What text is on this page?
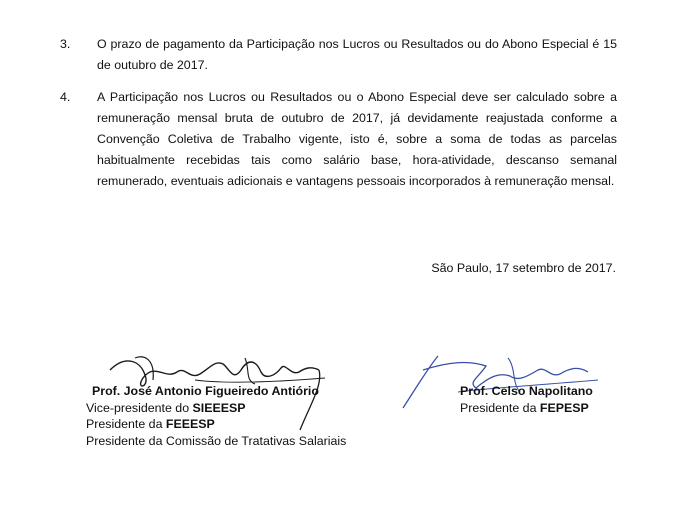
3.	O prazo de pagamento da Participação nos Lucros ou Resultados ou do Abono Especial é 15 de outubro de 2017.

4.	A Participação nos Lucros ou Resultados ou o Abono Especial deve ser calculado sobre a remuneração mensal bruta de outubro de 2017, já devidamente reajustada conforme a Convenção Coletiva de Trabalho vigente, isto é, sobre a soma de todas as parcelas habitualmente recebidas tais como salário base, hora-atividade, descanso semanal remunerado, eventuais adicionais e vantagens pessoais incorporados à remuneração mensal.

São Paulo, 17 setembro de 2017.
Prof. José Antonio Figueiredo Antiório
Vice-presidente do SIEEESP
Presidente da FEEESP
Presidente da Comissão de Tratativas Salariais
Prof. Celso Napolitano
Presidente da FEPESP
